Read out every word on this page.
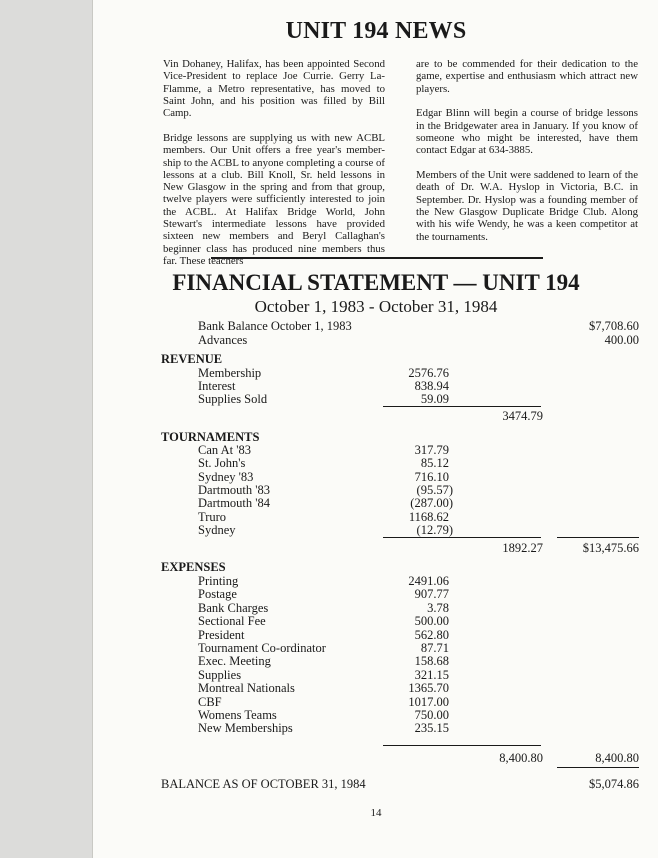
UNIT 194 NEWS

Vin Dohaney, Halifax, has been appointed Second Vice-President to replace Joe Currie. Gerry La-Flamme, a Metro representative, has moved to Saint John, and his position was filled by Bill Camp.

Bridge lessons are supplying us with new ACBL members. Our Unit offers a free year's member-ship to the ACBL to anyone completing a course of lessons at a club. Bill Knoll, Sr. held lessons in New Glasgow in the spring and from that group, twelve players were sufficiently interested to join the ACBL. At Halifax Bridge World, John Stewart's intermediate lessons have provided sixteen new members and Beryl Callaghan's beginner class has produced nine members thus far. These teachers

are to be commended for their dedication to the game, expertise and enthusiasm which attract new players.

Edgar Blinn will begin a course of bridge lessons in the Bridgewater area in January. If you know of someone who might be interested, have them contact Edgar at 634-3885.

Members of the Unit were saddened to learn of the death of Dr. W.A. Hyslop in Victoria, B.C. in September. Dr. Hyslop was a founding member of the New Glasgow Duplicate Bridge Club. Along with his wife Wendy, he was a keen competitor at the tournaments.

FINANCIAL STATEMENT — UNIT 194
October 1, 1983 - October 31, 1984
Bank Balance October 1, 1983	$7,708.60
Advances	400.00
REVENUE
Membership	2576.76
Interest	838.94
Supplies Sold	59.09
3474.79
TOURNAMENTS
Can At '83	317.79
St. John's	85.12
Sydney '83	716.10
Dartmouth '83	(95.57)
Dartmouth '84	(287.00)
Truro	1168.62
Sydney	(12.79)
1892.27	$13,475.66
EXPENSES
Printing	2491.06
Postage	907.77
Bank Charges	3.78
Sectional Fee	500.00
President	562.80
Tournament Co-ordinator	87.71
Exec. Meeting	158.68
Supplies	321.15
Montreal Nationals	1365.70
CBF	1017.00
Womens Teams	750.00
New Memberships	235.15
8,400.80	8,400.80
BALANCE AS OF OCTOBER 31, 1984	$5,074.86
14
